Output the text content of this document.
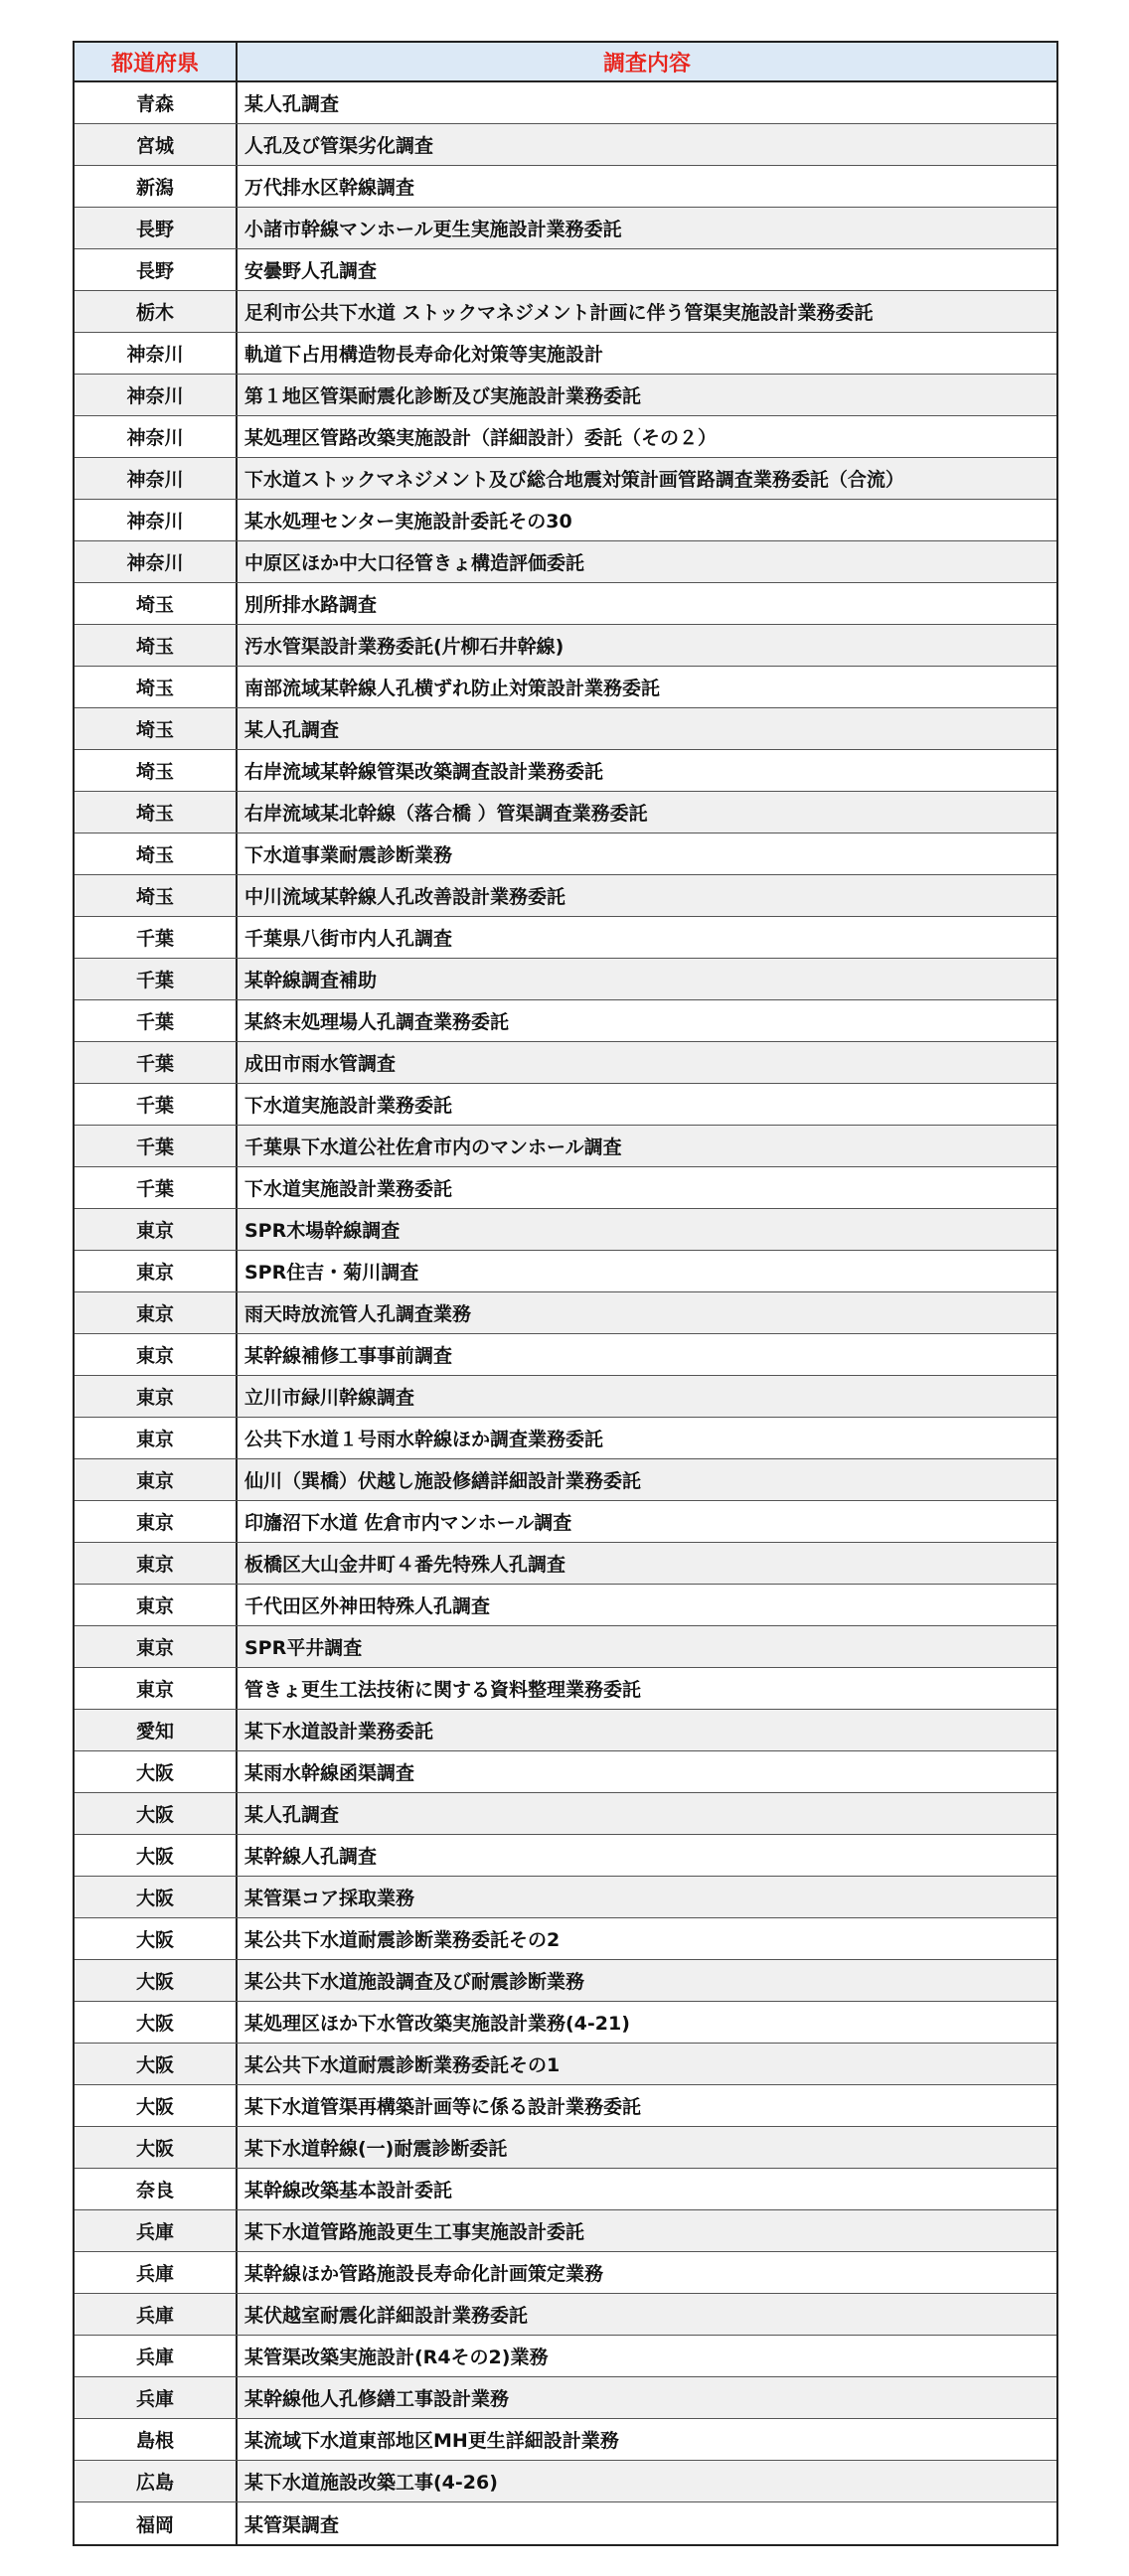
都道府県	調査内容
青森	某人孔調査
宮城	人孔及び管渠劣化調査
新潟	万代排水区幹線調査
長野	小諸市幹線マンホール更生実施設計業務委託
長野	安曇野人孔調査
栃木	足利市公共下水道 ストックマネジメント計画に伴う管渠実施設計業務委託
神奈川	軌道下占用構造物長寿命化対策等実施設計
神奈川	第１地区管渠耐震化診断及び実施設計業務委託
神奈川	某処理区管路改築実施設計（詳細設計）委託（その２）
神奈川	下水道ストックマネジメント及び総合地震対策計画管路調査業務委託（合流）
神奈川	某水処理センター実施設計委託その30
神奈川	中原区ほか中大口径管きょ構造評価委託
埼玉	別所排水路調査
埼玉	汚水管渠設計業務委託(片柳石井幹線)
埼玉	南部流域某幹線人孔横ずれ防止対策設計業務委託
埼玉	某人孔調査
埼玉	右岸流域某幹線管渠改築調査設計業務委託
埼玉	右岸流域某北幹線（落合橋 ）管渠調査業務委託
埼玉	下水道事業耐震診断業務
埼玉	中川流域某幹線人孔改善設計業務委託
千葉	千葉県八街市内人孔調査
千葉	某幹線調査補助
千葉	某終末処理場人孔調査業務委託
千葉	成田市雨水管調査
千葉	下水道実施設計業務委託
千葉	千葉県下水道公社佐倉市内のマンホール調査
千葉	下水道実施設計業務委託
東京	SPR木場幹線調査
東京	SPR住吉・菊川調査
東京	雨天時放流管人孔調査業務
東京	某幹線補修工事事前調査
東京	立川市緑川幹線調査
東京	公共下水道１号雨水幹線ほか調査業務委託
東京	仙川（巽橋）伏越し施設修繕詳細設計業務委託
東京	印旛沼下水道 佐倉市内マンホール調査
東京	板橋区大山金井町４番先特殊人孔調査
東京	千代田区外神田特殊人孔調査
東京	SPR平井調査
東京	管きょ更生工法技術に関する資料整理業務委託
愛知	某下水道設計業務委託
大阪	某雨水幹線函渠調査
大阪	某人孔調査
大阪	某幹線人孔調査
大阪	某管渠コア採取業務
大阪	某公共下水道耐震診断業務委託その2
大阪	某公共下水道施設調査及び耐震診断業務
大阪	某処理区ほか下水管改築実施設計業務(4-21)
大阪	某公共下水道耐震診断業務委託その1
大阪	某下水道管渠再構築計画等に係る設計業務委託
大阪	某下水道幹線(一)耐震診断委託
奈良	某幹線改築基本設計委託
兵庫	某下水道管路施設更生工事実施設計委託
兵庫	某幹線ほか管路施設長寿命化計画策定業務
兵庫	某伏越室耐震化詳細設計業務委託
兵庫	某管渠改築実施設計(R4その2)業務
兵庫	某幹線他人孔修繕工事設計業務
島根	某流域下水道東部地区MH更生詳細設計業務
広島	某下水道施設改築工事(4-26)
福岡	某管渠調査
